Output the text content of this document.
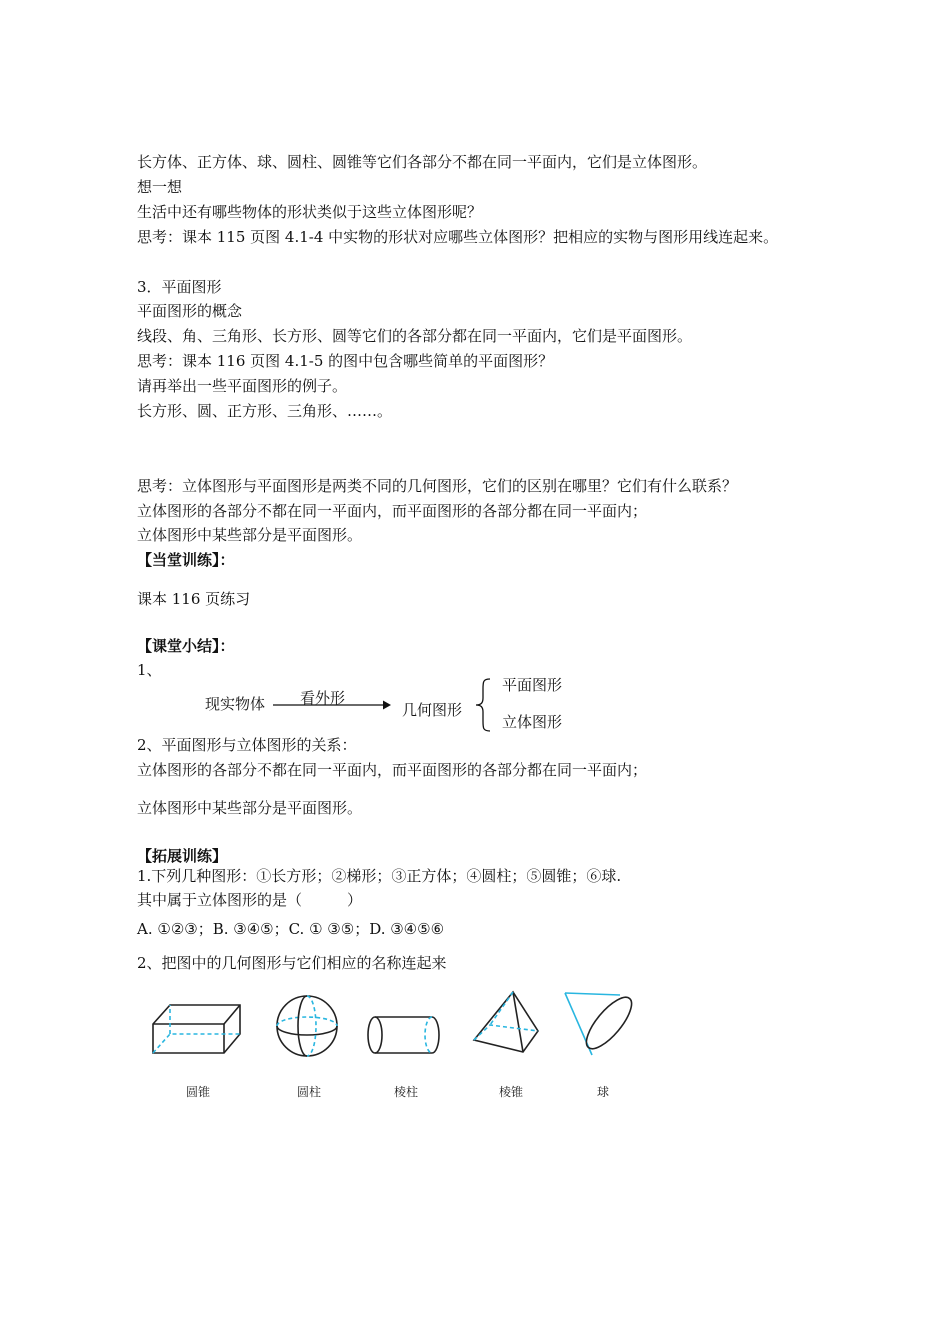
长方体、正方体、球、圆柱、圆锥等它们各部分不都在同一平面内，它们是立体图形。
想一想
生活中还有哪些物体的形状类似于这些立体图形呢？
思考：课本 115 页图 4.1-4 中实物的形状对应哪些立体图形？把相应的实物与图形用线连起来。
3．平面图形
平面图形的概念
线段、角、三角形、长方形、圆等它们的各部分都在同一平面内，它们是平面图形。
思考：课本 116 页图 4.1-5 的图中包含哪些简单的平面图形？
请再举出一些平面图形的例子。
长方形、圆、正方形、三角形、……。
思考：立体图形与平面图形是两类不同的几何图形，它们的区别在哪里？它们有什么联系？
立体图形的各部分不都在同一平面内，而平面图形的各部分都在同一平面内；
立体图形中某些部分是平面图形。
【当堂训练】：
课本 116 页练习
【课堂小结】：
1、
现实物体 看外形
几何图形
平面图形
立体图形
2、平面图形与立体图形的关系：
立体图形的各部分不都在同一平面内，而平面图形的各部分都在同一平面内；
立体图形中某些部分是平面图形。
【拓展训练】
1.下列几种图形：①长方形；②梯形；③正方体；④圆柱；⑤圆锥；⑥球.
其中属于立体图形的是（　　　）
A. ①②③；B. ③④⑤；C. ① ③⑤；D. ③④⑤⑥
2、把图中的几何图形与它们相应的名称连起来
圆锥	圆柱	棱柱	棱锥	球
